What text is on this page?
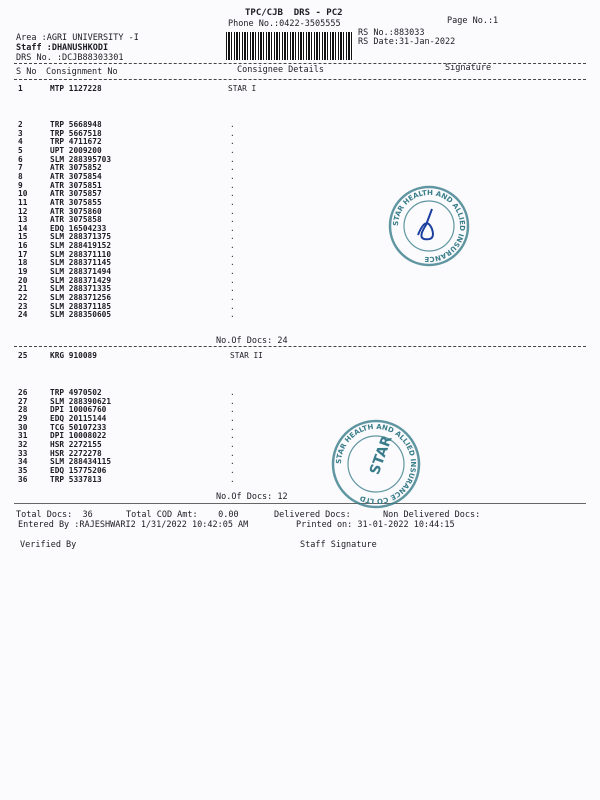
TPC/CJB  DRS - PC2
Phone No.:0422-3505555	Page No.:1
Area :AGRI UNIVERSITY -I
Staff :DHANUSHKODI
DRS No. :DCJB88303301
RS No.:883033
RS Date:31-Jan-2022
S No Consignment No	Consignee Details	Signature
1	MTP 1127228	STAR I
2	TRP 5668948	.
3	TRP 5667518	.
4	TRP 4711672	.
5	UPT 2009200	.
6	SLM 288395703	.
7	ATR 3075852	.
8	ATR 3075854	.
9	ATR 3075851	.
10	ATR 3075857	.
11	ATR 3075855	.
12	ATR 3075860	.
13	ATR 3075858	.
14	EDQ 16504233	.
15	SLM 288371375	.
16	SLM 288419152	.
17	SLM 288371110	.
18	SLM 288371145	.
19	SLM 288371494	.
20	SLM 288371429	.
21	SLM 288371335	.
22	SLM 288371256	.
23	SLM 288371185	.
24	SLM 288350605	.
No.Of Docs: 24
25	KRG 910089	STAR II
26	TRP 4970502	.
27	SLM 288390621	.
28	DPI 10006760	.
29	EDQ 20115144	.
30	TCG 50107233	.
31	DPI 10008022	.
32	HSR 2272155	.
33	HSR 2272278	.
34	SLM 288434115	.
35	EDQ 15775206	.
36	TRP 5337813	.
No.Of Docs: 12
Total Docs:  36	Total COD Amt:    0.00	Delivered Docs:	Non Delivered Docs:
Entered By :RAJESHWARI2 1/31/2022 10:42:05 AM	Printed on: 31-01-2022 10:44:15
Verified By	Staff Signature
STAR HEALTH AND ALLIED INSURANCE
STAR HEALTH AND ALLIED INSURANCE CO LTD
STAR
